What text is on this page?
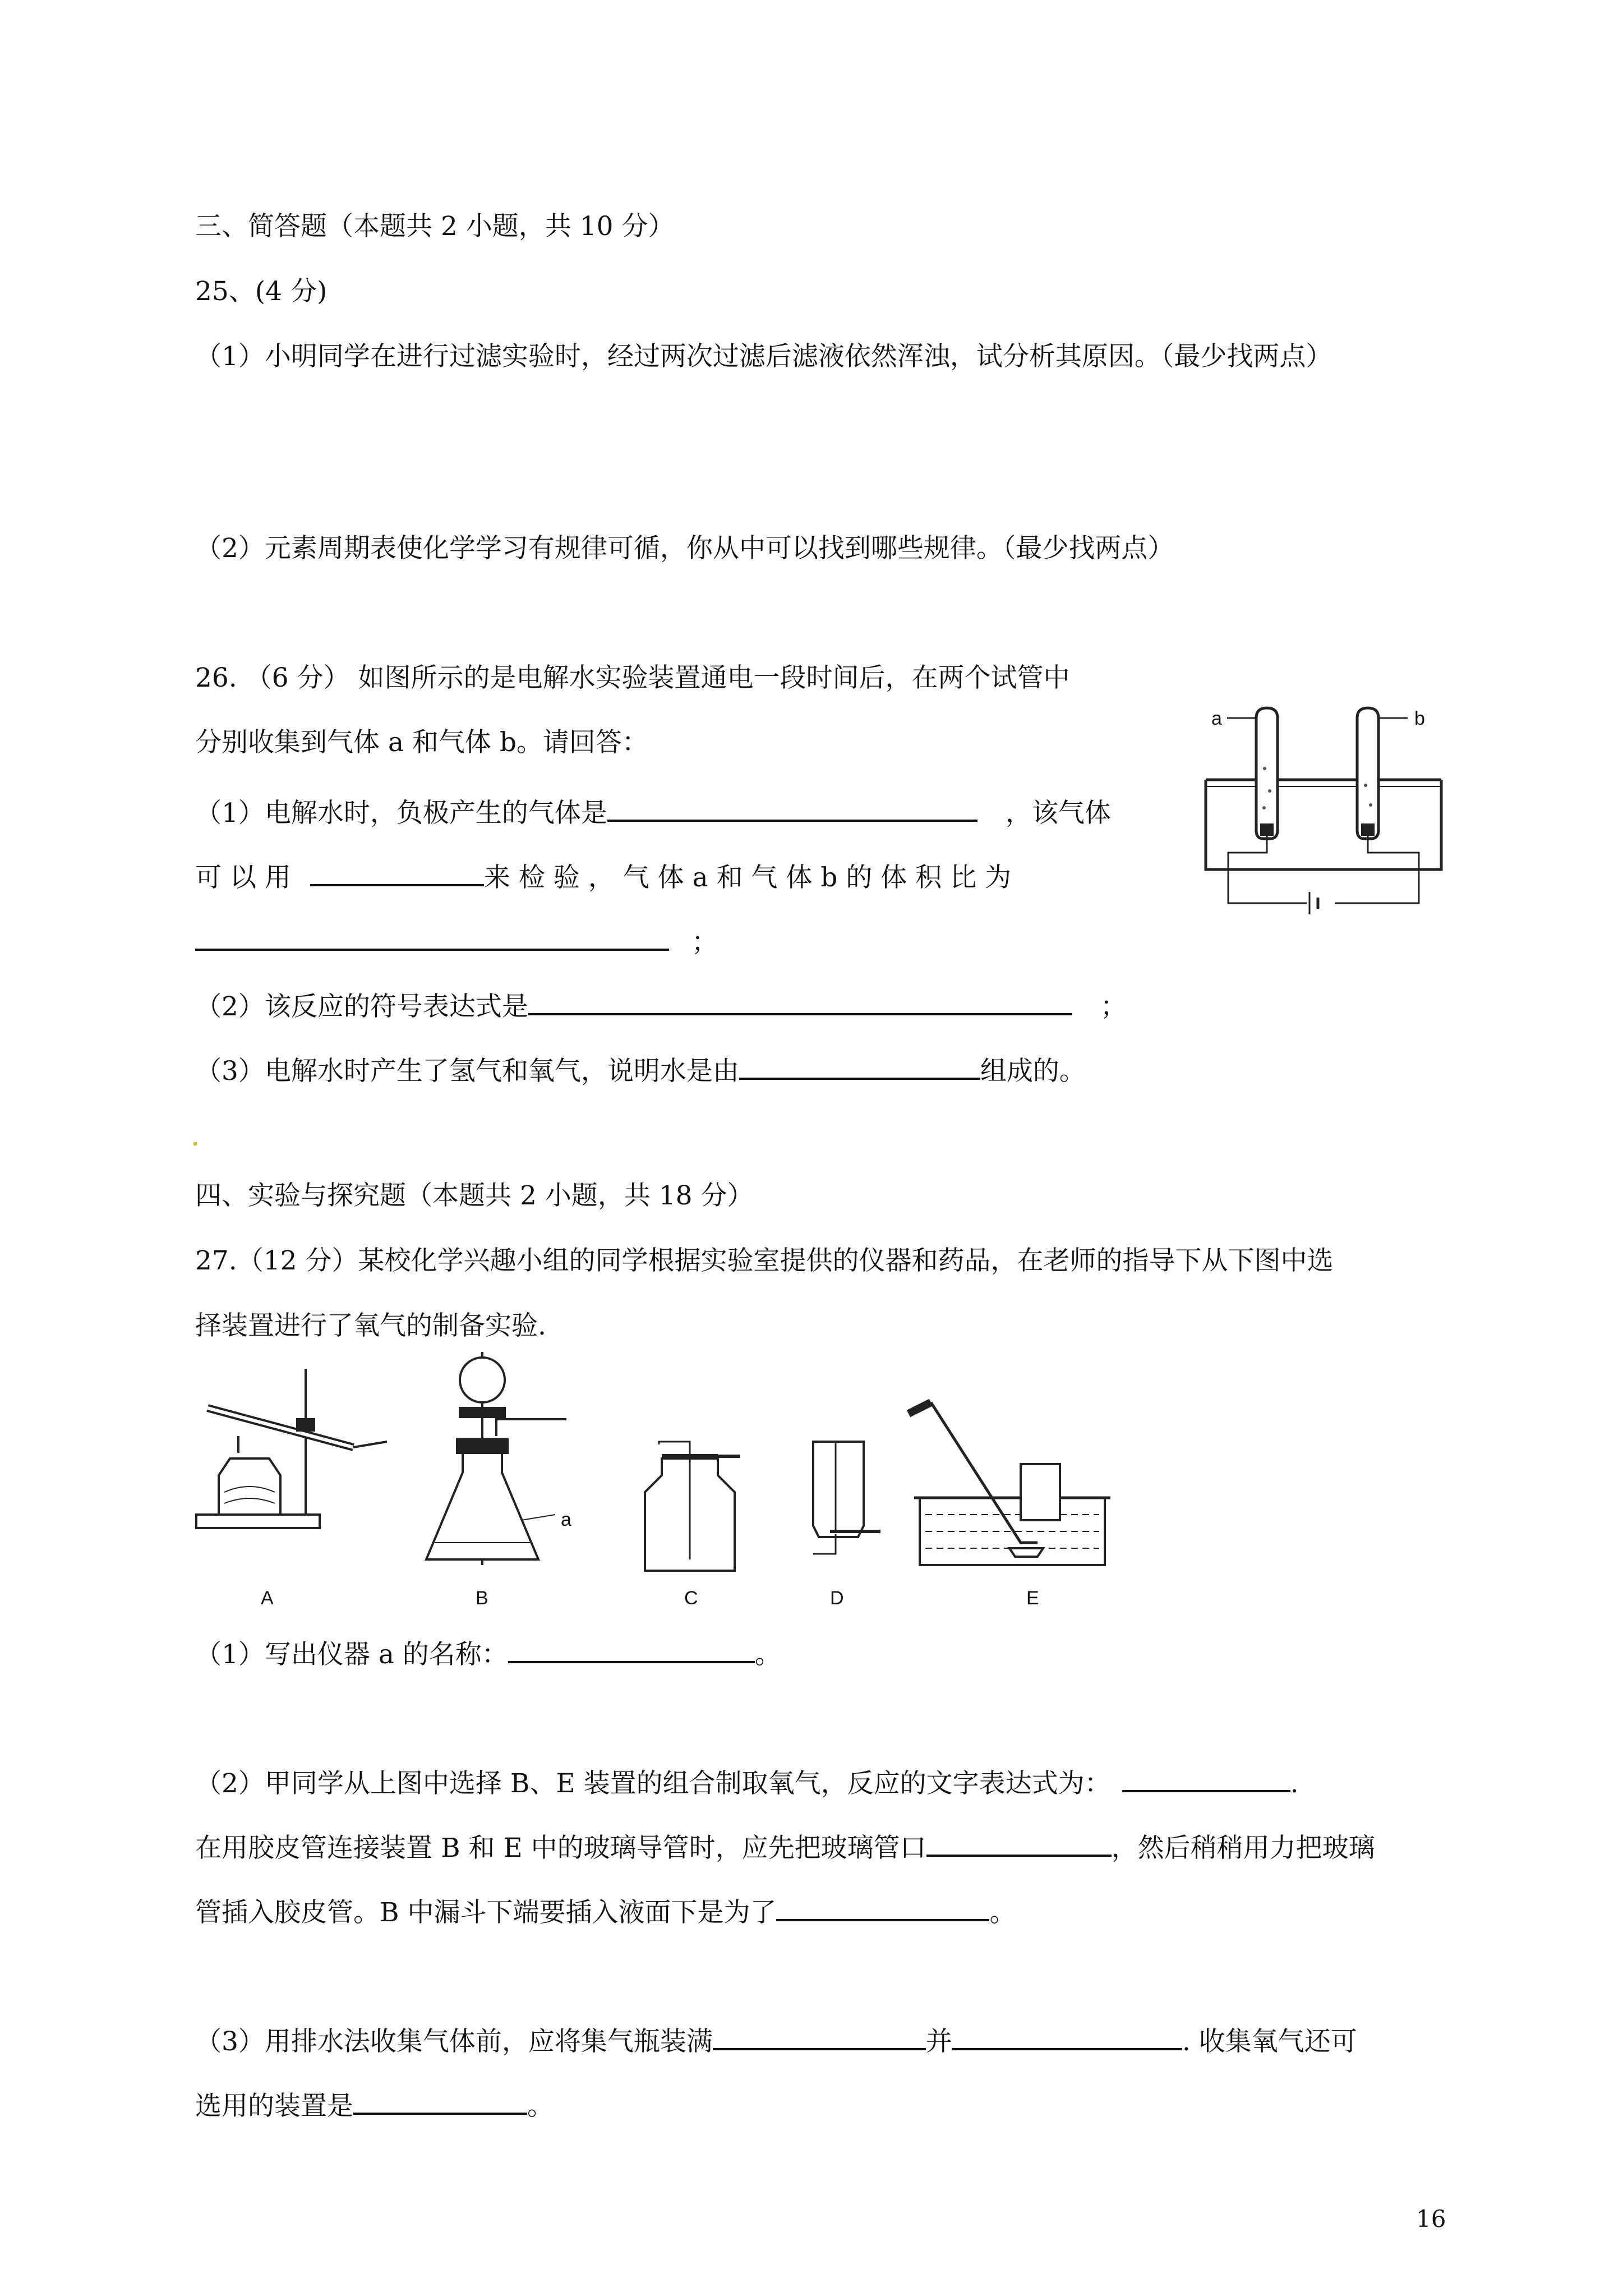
三、简答题（本题共 2 小题，共 10 分）
25、(4 分)
（1）小明同学在进行过滤实验时，经过两次过滤后滤液依然浑浊，试分析其原因。（最少找两点）
（2）元素周期表使化学学习有规律可循，你从中可以找到哪些规律。（最少找两点）
26. （6 分） 如图所示的是电解水实验装置通电一段时间后，在两个试管中
分别收集到气体 a 和气体 b。请回答：
（1）电解水时，负极产生的气体是	，该气体
可 以 用	来 检 验 ， 气 体 a 和 气 体 b 的 体 积 比 为
；
（2）该反应的符号表达式是	；
（3）电解水时产生了氢气和氧气，说明水是由	组成的。
a	b
四、实验与探究题（本题共 2 小题，共 18 分）
27.（12 分）某校化学兴趣小组的同学根据实验室提供的仪器和药品，在老师的指导下从下图中选
择装置进行了氧气的制备实验.
a
A	B	C	D	E
（1）写出仪器 a 的名称：	。
（2）甲同学从上图中选择 B、E 装置的组合制取氧气，反应的文字表达式为：	.
在用胶皮管连接装置 B 和 E 中的玻璃导管时，应先把玻璃管口	，然后稍稍用力把玻璃
管插入胶皮管。B 中漏斗下端要插入液面下是为了	。
（3）用排水法收集气体前，应将集气瓶装满	并	. 收集氧气还可
选用的装置是	。
16
